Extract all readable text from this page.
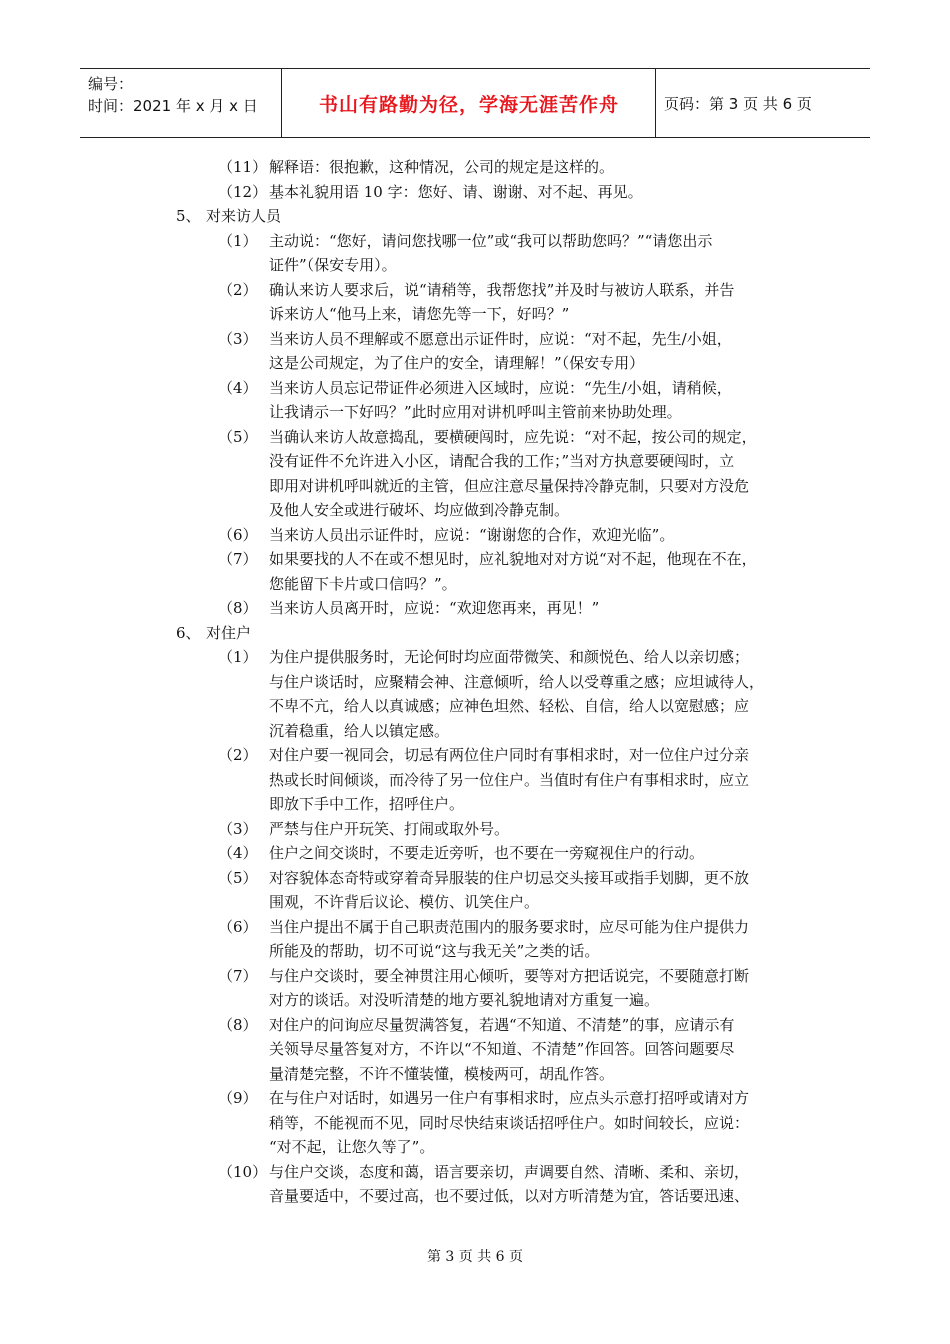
编号：
时间：2021 年 x 月 x 日	书山有路勤为径，学海无涯苦作舟	页码：第 3 页 共 6 页
（11） 解释语：很抱歉，这种情况，公司的规定是这样的。
（12） 基本礼貌用语 10 字：您好、请、谢谢、对不起、再见。
5、 对来访人员
（1） 主动说：“您好，请问您找哪一位”或“我可以帮助您吗？”“请您出示
证件”（保安专用）。
（2） 确认来访人要求后，说“请稍等，我帮您找”并及时与被访人联系，并告
诉来访人“他马上来，请您先等一下，好吗？”
（3） 当来访人员不理解或不愿意出示证件时，应说：“对不起，先生/小姐，
这是公司规定，为了住户的安全，请理解！”（保安专用）
（4） 当来访人员忘记带证件必须进入区域时，应说：“先生/小姐，请稍候，
让我请示一下好吗？”此时应用对讲机呼叫主管前来协助处理。
（5） 当确认来访人故意捣乱，要横硬闯时，应先说：“对不起，按公司的规定，
没有证件不允许进入小区，请配合我的工作；”当对方执意要硬闯时，立
即用对讲机呼叫就近的主管，但应注意尽量保持冷静克制，只要对方没危
及他人安全或进行破坏、均应做到冷静克制。
（6） 当来访人员出示证件时，应说：“谢谢您的合作，欢迎光临”。
（7） 如果要找的人不在或不想见时，应礼貌地对对方说“对不起，他现在不在，
您能留下卡片或口信吗？”。
（8） 当来访人员离开时，应说：“欢迎您再来，再见！”
6、 对住户
（1） 为住户提供服务时，无论何时均应面带微笑、和颜悦色、给人以亲切感；
与住户谈话时，应聚精会神、注意倾听，给人以受尊重之感；应坦诚待人，
不卑不亢，给人以真诚感；应神色坦然、轻松、自信，给人以宽慰感；应
沉着稳重，给人以镇定感。
（2） 对住户要一视同会，切忌有两位住户同时有事相求时，对一位住户过分亲
热或长时间倾谈，而冷待了另一位住户。当值时有住户有事相求时，应立
即放下手中工作，招呼住户。
（3） 严禁与住户开玩笑、打闹或取外号。
（4） 住户之间交谈时，不要走近旁听，也不要在一旁窥视住户的行动。
（5） 对容貌体态奇特或穿着奇异服装的住户切忌交头接耳或指手划脚，更不放
围观，不许背后议论、模仿、讥笑住户。
（6） 当住户提出不属于自己职责范围内的服务要求时，应尽可能为住户提供力
所能及的帮助，切不可说“这与我无关”之类的话。
（7） 与住户交谈时，要全神贯注用心倾听，要等对方把话说完，不要随意打断
对方的谈话。对没听清楚的地方要礼貌地请对方重复一遍。
（8） 对住户的问询应尽量贺满答复，若遇“不知道、不清楚”的事，应请示有
关领导尽量答复对方，不许以“不知道、不清楚”作回答。回答问题要尽
量清楚完整，不许不懂装懂，模棱两可，胡乱作答。
（9） 在与住户对话时，如遇另一住户有事相求时，应点头示意打招呼或请对方
稍等，不能视而不见，同时尽快结束谈话招呼住户。如时间较长，应说：
“对不起，让您久等了”。
（10） 与住户交谈，态度和蔼，语言要亲切，声调要自然、清晰、柔和、亲切，
音量要适中，不要过高，也不要过低，以对方听清楚为宜，答话要迅速、
第 3 页 共 6 页
